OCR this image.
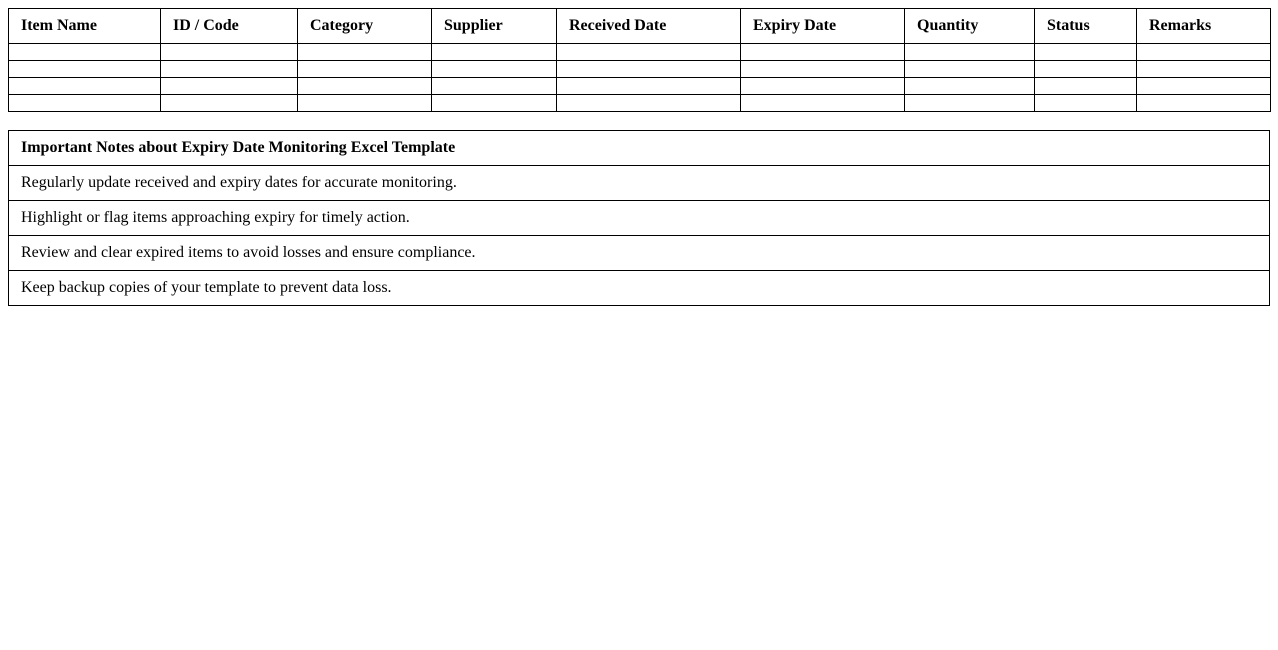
Item Name	ID / Code	Category	Supplier	Received Date	Expiry Date	Quantity	Status	Remarks

Important Notes about Expiry Date Monitoring Excel Template
Regularly update received and expiry dates for accurate monitoring.
Highlight or flag items approaching expiry for timely action.
Review and clear expired items to avoid losses and ensure compliance.
Keep backup copies of your template to prevent data loss.
